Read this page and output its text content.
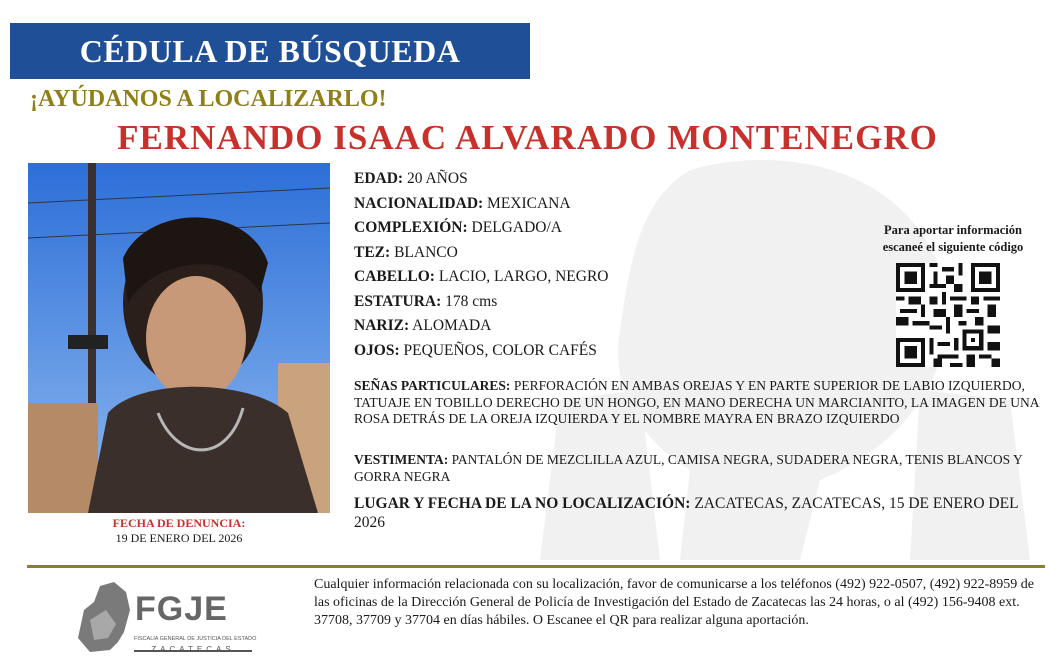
CÉDULA DE BÚSQUEDA
¡AYÚDANOS A LOCALIZARLO!
FERNANDO ISAAC ALVARADO MONTENEGRO
FECHA DE DENUNCIA:
19 DE ENERO DEL 2026
EDAD: 20 AÑOS
NACIONALIDAD: MEXICANA
COMPLEXIÓN: DELGADO/A
TEZ: BLANCO
CABELLO: LACIO, LARGO, NEGRO
ESTATURA: 178 cms
NARIZ: ALOMADA
OJOS: PEQUEÑOS, COLOR CAFÉS
SEÑAS PARTICULARES: PERFORACIÓN EN AMBAS OREJAS Y EN PARTE SUPERIOR DE LABIO IZQUIERDO, TATUAJE EN TOBILLO DERECHO DE UN HONGO, EN MANO DERECHA UN MARCIANITO, LA IMAGEN DE UNA ROSA DETRÁS DE LA OREJA IZQUIERDA Y EL NOMBRE MAYRA EN BRAZO IZQUIERDO
VESTIMENTA: PANTALÓN DE MEZCLILLA AZUL, CAMISA NEGRA, SUDADERA NEGRA, TENIS BLANCOS Y GORRA NEGRA
LUGAR Y FECHA DE LA NO LOCALIZACIÓN: ZACATECAS, ZACATECAS, 15 DE ENERO DEL 2026
Para aportar información
escaneé el siguiente código
FGJE
FISCALÍA GENERAL DE JUSTICIA DEL ESTADO
ZACATECAS
Cualquier información relacionada con su localización, favor de comunicarse a los teléfonos (492) 922-0507, (492) 922-8959 de las oficinas de la Dirección General de Policía de Investigación del Estado de Zacatecas las 24 horas, o al (492) 156-9408 ext. 37708, 37709 y 37704 en días hábiles. O Escanee el QR para realizar alguna aportación.
